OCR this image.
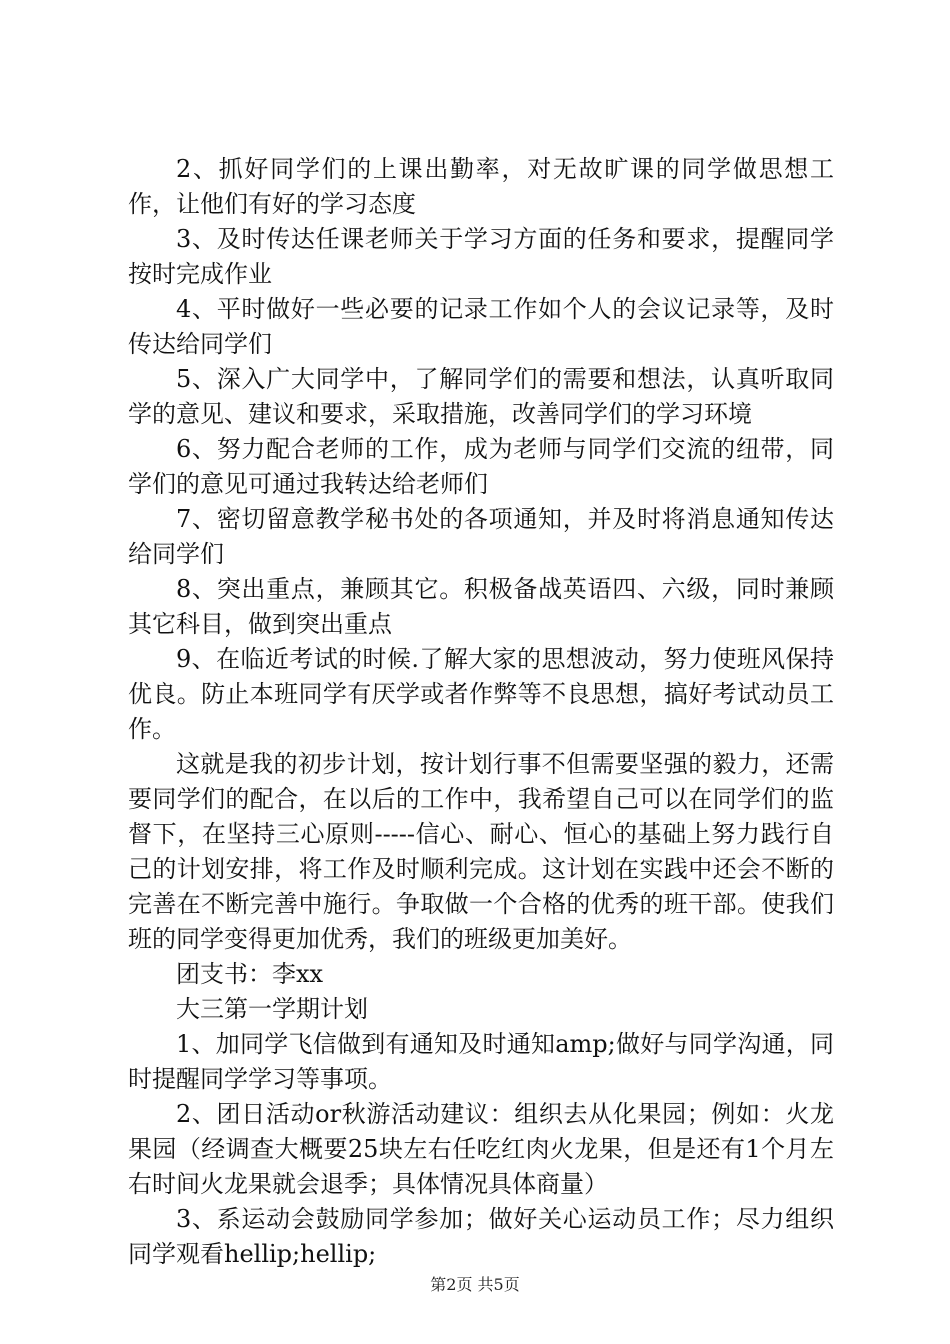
2、抓好同学们的上课出勤率，对无故旷课的同学做思想工作，让他们有好的学习态度

3、及时传达任课老师关于学习方面的任务和要求，提醒同学按时完成作业

4、平时做好一些必要的记录工作如个人的会议记录等，及时传达给同学们

5、深入广大同学中，了解同学们的需要和想法，认真听取同学的意见、建议和要求，采取措施，改善同学们的学习环境

6、努力配合老师的工作，成为老师与同学们交流的纽带，同学们的意见可通过我转达给老师们

7、密切留意教学秘书处的各项通知，并及时将消息通知传达给同学们

8、突出重点，兼顾其它。积极备战英语四、六级，同时兼顾其它科目，做到突出重点

9、在临近考试的时候.了解大家的思想波动，努力使班风保持优良。防止本班同学有厌学或者作弊等不良思想，搞好考试动员工作。

这就是我的初步计划，按计划行事不但需要坚强的毅力，还需要同学们的配合，在以后的工作中，我希望自己可以在同学们的监督下，在坚持三心原则-----信心、耐心、恒心的基础上努力践行自己的计划安排，将工作及时顺利完成。这计划在实践中还会不断的完善在不断完善中施行。争取做一个合格的优秀的班干部。使我们班的同学变得更加优秀，我们的班级更加美好。

团支书：李xx

大三第一学期计划

1、加同学飞信做到有通知及时通知amp;做好与同学沟通，同时提醒同学学习等事项。

2、团日活动or秋游活动建议：组织去从化果园；例如：火龙果园（经调查大概要25块左右任吃红肉火龙果，但是还有1个月左右时间火龙果就会退季；具体情况具体商量）

3、系运动会鼓励同学参加；做好关心运动员工作；尽力组织同学观看hellip;hellip;

第2页 共5页
